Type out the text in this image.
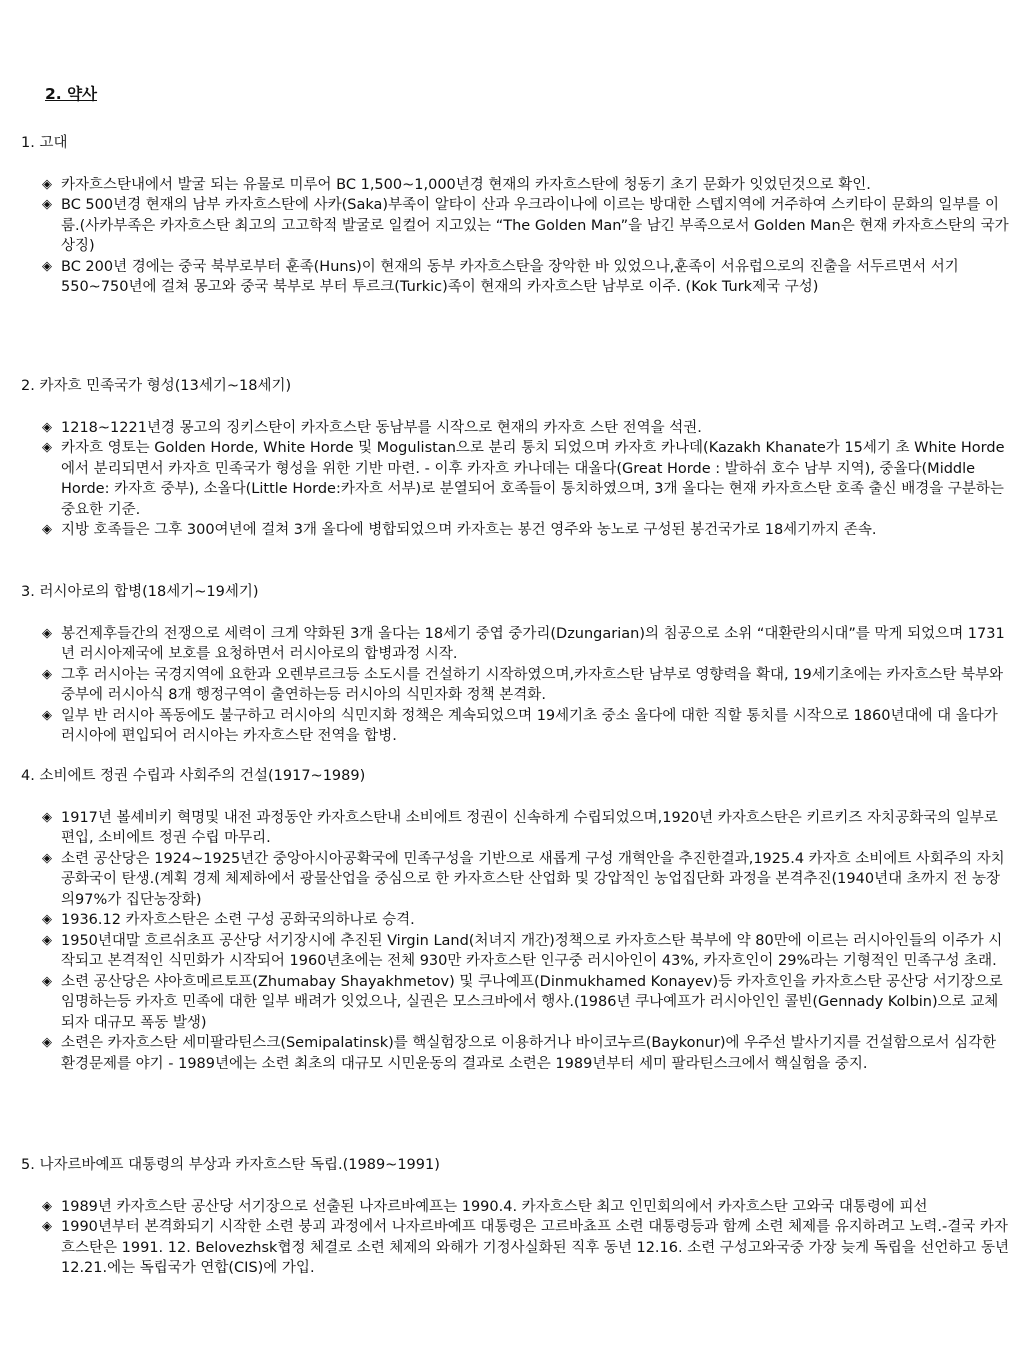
2. 약사
1. 고대
◈ 카자흐스탄내에서 발굴 되는 유물로 미루어 BC 1,500~1,000년경 현재의 카자흐스탄에 청동기 초기 문화가 잇었던것으로 확인.
◈ BC 500년경 현재의 남부 카자흐스탄에 사카(Saka)부족이 알타이 산과 우크라이나에 이르는 방대한 스텝지역에 거주하여 스키타이 문화의 일부를 이룸.(사카부족은 카자흐스탄 최고의 고고학적 발굴로 일컬어 지고있는 “The Golden Man”을 남긴 부족으로서 Golden Man은 현재 카자흐스탄의 국가 상징)
◈ BC 200년 경에는 중국 북부로부터 훈족(Huns)이 현재의 동부 카자흐스탄을 장악한 바 있었으나,훈족이 서유럽으로의 진출을 서두르면서 서기 550~750년에 걸쳐 몽고와 중국 북부로 부터 투르크(Turkic)족이 현재의 카자흐스탄 남부로 이주. (Kok Turk제국 구성)
2. 카자흐 민족국가 형성(13세기~18세기)
◈ 1218~1221년경 몽고의 징키스탄이 카자흐스탄 동남부를 시작으로 현재의 카자흐 스탄 전역을 석권.
◈ 카자흐 영토는 Golden Horde, White Horde 및 Mogulistan으로 분리 통치 되었으며 카자흐 카나데(Kazakh Khanate가 15세기 초 White Horde에서 분리되면서 카자흐 민족국가 형성을 위한 기반 마련. - 이후 카자흐 카나데는 대올다(Great Horde : 발하쉬 호수 남부 지역), 중올다(Middle Horde: 카자흐 중부), 소올다(Little Horde:카자흐 서부)로 분열되어 호족들이 통치하였으며, 3개 올다는 현재 카자흐스탄 호족 출신 배경을 구분하는 중요한 기준.
◈ 지방 호족들은 그후 300여년에 걸쳐 3개 올다에 병합되었으며 카자흐는 봉건 영주와 농노로 구성된 봉건국가로 18세기까지 존속.
3. 러시아로의 합병(18세기~19세기)
◈ 봉건제후들간의 전쟁으로 세력이 크게 약화된 3개 올다는 18세기 중엽 중가리(Dzungarian)의 침공으로 소위 “대환란의시대”를 막게 되었으며 1731년 러시아제국에 보호를 요청하면서 러시아로의 합병과정 시작.
◈ 그후 러시아는 국경지역에 요한과 오렌부르크등 소도시를 건설하기 시작하였으며,카자흐스탄 남부로 영향력을 확대, 19세기초에는 카자흐스탄 북부와 중부에 러시아식 8개 행정구역이 출연하는등 러시아의 식민자화 정책 본격화.
◈ 일부 반 러시아 폭동에도 불구하고 러시아의 식민지화 정책은 계속되었으며 19세기초 중소 올다에 대한 직할 통치를 시작으로 1860년대에 대 올다가 러시아에 편입되어 러시아는 카자흐스탄 전역을 합병.
4. 소비에트 정권 수립과 사회주의 건설(1917~1989)
◈ 1917년 볼셰비키 혁명및 내전 과정동안 카자흐스탄내 소비에트 정권이 신속하게 수립되었으며,1920년 카자흐스탄은 키르키즈 자치공화국의 일부로 편입, 소비에트 정권 수립 마무리.
◈ 소련 공산당은 1924~1925년간 중앙아시아공확국에 민족구성을 기반으로 새롭게 구성 개혁안을 추진한결과,1925.4 카자흐 소비에트 사회주의 자치 공화국이 탄생.(계획 경제 체제하에서 광물산업을 중심으로 한 카자흐스탄 산업화 및 강압적인 농업집단화 과정을 본격추진(1940년대 초까지 전 농장의97%가 집단농장화)
◈ 1936.12 카자흐스탄은 소련 구성 공화국의하나로 승격.
◈ 1950년대말 흐르쉬초프 공산당 서기장시에 추진된 Virgin Land(처녀지 개간)정책으로 카자흐스탄 북부에 약 80만에 이르는 러시아인들의 이주가 시작되고 본격적인 식민화가 시작되어 1960년초에는 전체 930만 카자흐스탄 인구중 러시아인이 43%, 카자흐인이 29%라는 기형적인 민족구성 초래.
◈ 소련 공산당은 샤아흐메르토프(Zhumabay Shayakhmetov) 및 쿠나예프(Dinmukhamed Konayev)등 카자흐인을 카자흐스탄 공산당 서기장으로 임명하는등 카자흐 민족에 대한 일부 배려가 잇었으나, 실권은 모스크바에서 행사.(1986년 쿠나예프가 러시아인인 콜빈(Gennady Kolbin)으로 교체되자 대규모 폭동 발생)
◈ 소련은 카자흐스탄 세미팔라틴스크(Semipalatinsk)를 핵실험장으로 이용하거나 바이코누르(Baykonur)에 우주선 발사기지를 건설함으로서 심각한 환경문제를 야기 - 1989년에는 소련 최초의 대규모 시민운동의 결과로 소련은 1989년부터 세미 팔라틴스크에서 핵실험을 중지.
5. 나자르바예프 대통령의 부상과 카자흐스탄 독립.(1989~1991)
◈ 1989년 카자흐스탄 공산당 서기장으로 선출된 나자르바예프는 1990.4. 카자흐스탄 최고 인민회의에서 카자흐스탄 고와국 대통령에 피선
◈ 1990년부터 본격화되기 시작한 소련 붕괴 과정에서 나자르바예프 대통령은 고르바쵸프 소련 대통령등과 함께 소련 체제를 유지하려고 노력.-결국 카자흐스탄은 1991. 12. Belovezhsk협정 체결로 소련 체제의 와해가 기정사실화된 직후 동년 12.16. 소련 구성고와국중 가장 늦게 독립을 선언하고 동년 12.21.에는 독립국가 연합(CIS)에 가입.
